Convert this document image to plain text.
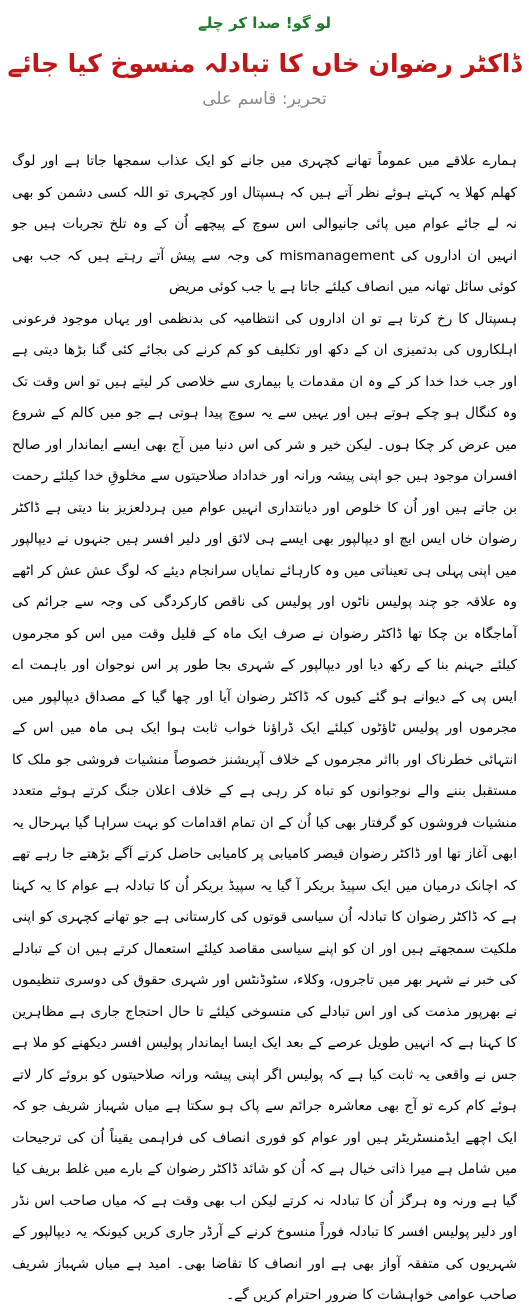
لو گو! صدا کر چلے
ڈاکٹر رضوان خاں کا تبادلہ منسوخ کیا جائے
تحریر: قاسم علی

ہمارے علاقے میں عموماً تھانے کچہری میں جانے کو ایک عذاب سمجھا جاتا ہے اور لوگ کھلم کھلا یہ کہتے ہوئے نظر آتے ہیں کہ ہسپتال اور کچہری تو اللہ کسی دشمن کو بھی نہ لے جائے عوام میں پائی جانیوالی اس سوچ کے پیچھے اُن کے وہ تلخ تجربات ہیں جو انہیں ان اداروں کی mismanagement کی وجہ سے پیش آتے رہتے ہیں کہ جب بھی کوئی سائل تھانہ میں انصاف کیلئے جاتا ہے یا جب کوئی مریض

ہسپتال کا رخ کرتا ہے تو ان اداروں کی انتظامیہ کی بدنظمی اور یہاں موجود فرعونی اہلکاروں کی بدتمیزی ان کے دکھ اور تکلیف کو کم کرنے کی بجائے کئی گنا بڑھا دیتی ہے اور جب خدا خدا کر کے وہ ان مقدمات یا بیماری سے خلاصی کر لیتے ہیں تو اس وقت تک وہ کنگال ہو چکے ہوتے ہیں اور یہیں سے یہ سوچ پیدا ہوتی ہے جو میں کالم کے شروع میں عرض کر چکا ہوں۔ لیکن خیر و شر کی اس دنیا میں آج بھی ایسے ایماندار اور صالح افسران موجود ہیں جو اپنی پیشہ ورانہ اور خداداد صلاحیتوں سے مخلوقِ خدا کیلئے رحمت بن جاتے ہیں اور اُن کا خلوص اور دیانتداری انہیں عوام میں ہردلعزیز بنا دیتی ہے ڈاکٹر رضوان خاں ایس ایچ او دیپالپور بھی ایسے ہی لائق اور دلیر افسر ہیں جنہوں نے دیپالپور میں اپنی پہلی ہی تعیناتی میں وہ کارہائے نمایاں سرانجام دیئے کہ لوگ عش عش کر اٹھے وہ علاقہ جو چند پولیس ناٹوں اور پولیس کی ناقص کارکردگی کی وجہ سے جرائم کی آماجگاہ بن چکا تھا ڈاکٹر رضوان نے صرف ایک ماہ کے قلیل وقت میں اس کو مجرموں کیلئے جہنم بنا کے رکھ دیا اور دیپالپور کے شہری بجا طور پر اس نوجوان اور باہمت اے ایس پی کے دیوانے ہو گئے کیوں کہ ڈاکٹر رضوان آیا اور چھا گیا کے مصداق دیپالپور میں مجرموں اور پولیس ٹاؤٹوں کیلئے ایک ڈراؤنا خواب ثابت ہوا ایک ہی ماہ میں اس کے انتہائی خطرناک اور بااثر مجرموں کے خلاف آپریشنز خصوصاً منشیات فروشی جو ملک کا مستقبل بننے والے نوجوانوں کو تباہ کر رہی ہے کے خلاف اعلان جنگ کرتے ہوئے متعدد منشیات فروشوں کو گرفتار بھی کیا اُن کے ان تمام اقدامات کو بہت سراہا گیا بہرحال یہ ابھی آغاز تھا اور ڈاکٹر رضوان قیصر کامیابی پر کامیابی حاصل کرتے آگے بڑھتے جا رہے تھے کہ اچانک درمیان میں ایک سپیڈ بریکر آ گیا یہ سپیڈ بریکر اُن کا تبادلہ ہے عوام کا یہ کہنا ہے کہ ڈاکٹر رضوان کا تبادلہ اُن سیاسی قوتوں کی کارستانی ہے جو تھانے کچہری کو اپنی ملکیت سمجھتے ہیں اور ان کو اپنے سیاسی مقاصد کیلئے استعمال کرتے ہیں ان کے تبادلے کی خبر نے شہر بھر میں تاجروں، وکلاء، سٹوڈنٹس اور شہری حقوق کی دوسری تنظیموں نے بھرپور مذمت کی اور اس تبادلے کی منسوخی کیلئے تا حال احتجاج جاری ہے مظاہرین کا کہنا ہے کہ انہیں طویل عرصے کے بعد ایک ایسا ایماندار پولیس افسر دیکھنے کو ملا ہے جس نے واقعی یہ ثابت کیا ہے کہ پولیس اگر اپنی پیشہ ورانہ صلاحیتوں کو بروئے کار لاتے ہوئے کام کرے تو آج بھی معاشرہ جرائم سے پاک ہو سکتا ہے میاں شہباز شریف جو کہ ایک اچھے ایڈمنسٹریٹر ہیں اور عوام کو فوری انصاف کی فراہمی یقیناً اُن کی ترجیحات میں شامل ہے میرا ذاتی خیال ہے کہ اُن کو شائد ڈاکٹر رضوان کے بارے میں غلط بریف کیا گیا ہے ورنہ وہ ہرگز اُن کا تبادلہ نہ کرتے لیکن اب بھی وقت ہے کہ میاں صاحب اس نڈر اور دلیر پولیس افسر کا تبادلہ فوراً منسوخ کرنے کے آرڈر جاری کریں کیونکہ یہ دیپالپور کے شہریوں کی متفقہ آواز بھی ہے اور انصاف کا تقاضا بھی۔ امید ہے میاں شہباز شریف صاحب عوامی خواہشات کا ضرور احترام کریں گے۔
